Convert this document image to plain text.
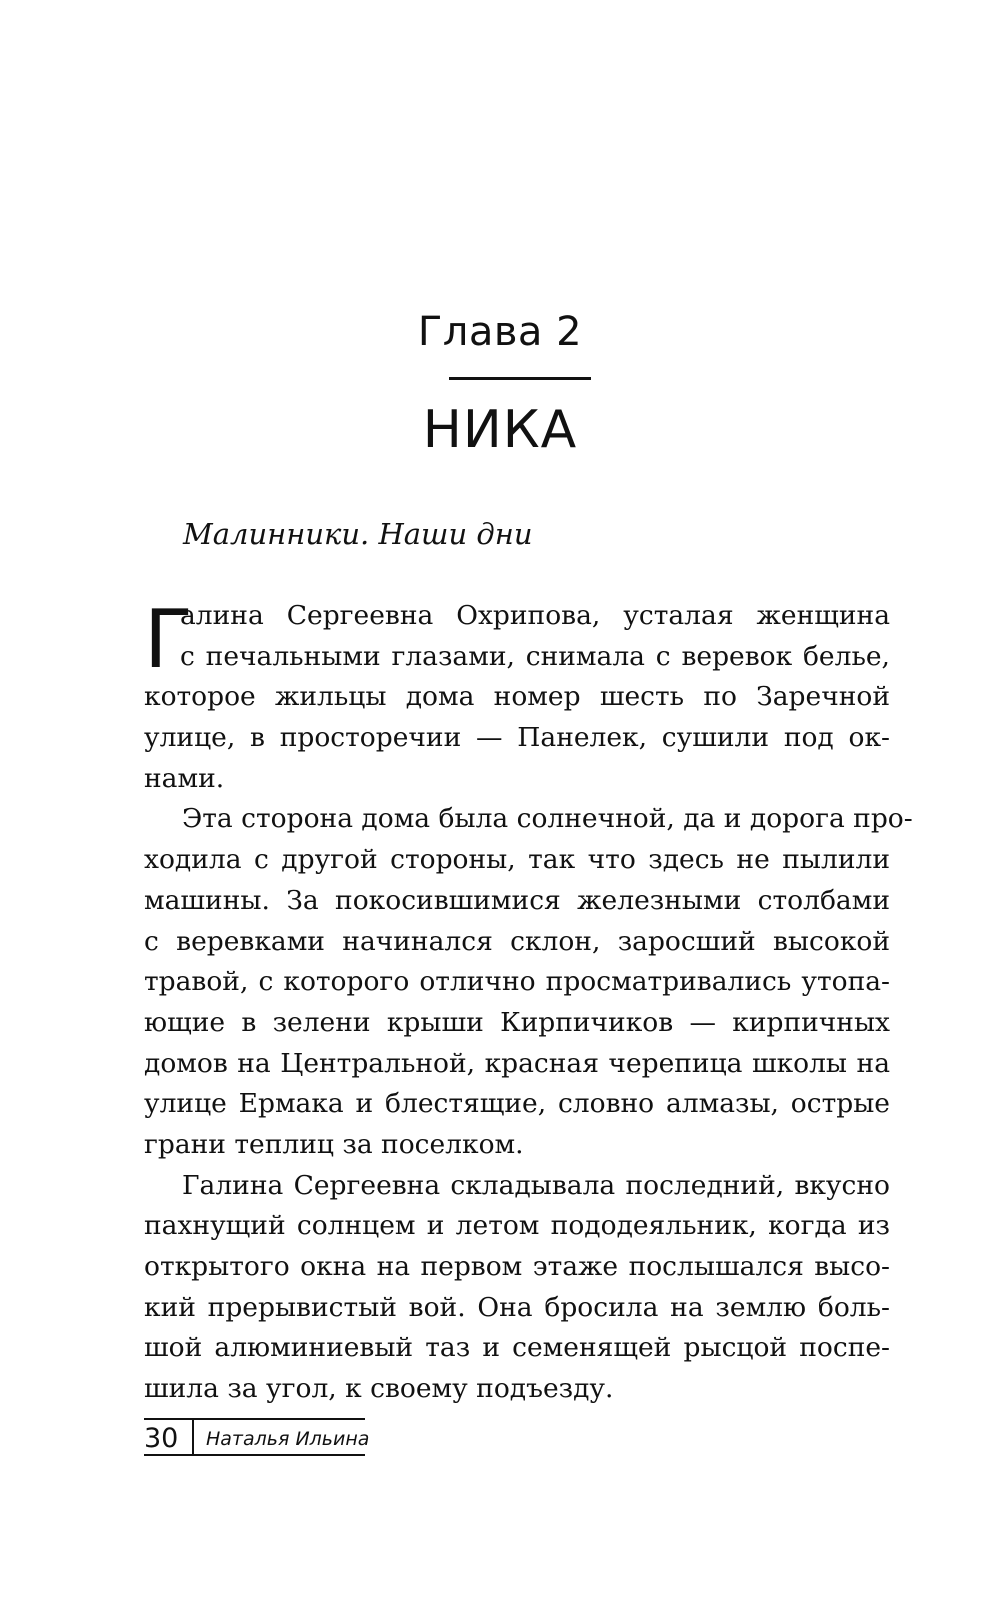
Глава 2
НИКА
Малинники. Наши дни
Г
алина Сергеевна Охрипова, усталая женщина
с печальными глазами, снимала с веревок белье,
которое жильцы дома номер шесть по Заречной
улице, в просторечии — Панелек, сушили под ок-
нами.
Эта сторона дома была солнечной, да и дорога про-
ходила с другой стороны, так что здесь не пылили
машины. За покосившимися железными столбами
с веревками начинался склон, заросший высокой
травой, с которого отлично просматривались утопа-
ющие в зелени крыши Кирпичиков — кирпичных
домов на Центральной, красная черепица школы на
улице Ермака и блестящие, словно алмазы, острые
грани теплиц за поселком.
Галина Сергеевна складывала последний, вкусно
пахнущий солнцем и летом пододеяльник, когда из
открытого окна на первом этаже послышался высо-
кий прерывистый вой. Она бросила на землю боль-
шой алюминиевый таз и семенящей рысцой поспе-
шила за угол, к своему подъезду.
30 Наталья Ильина
